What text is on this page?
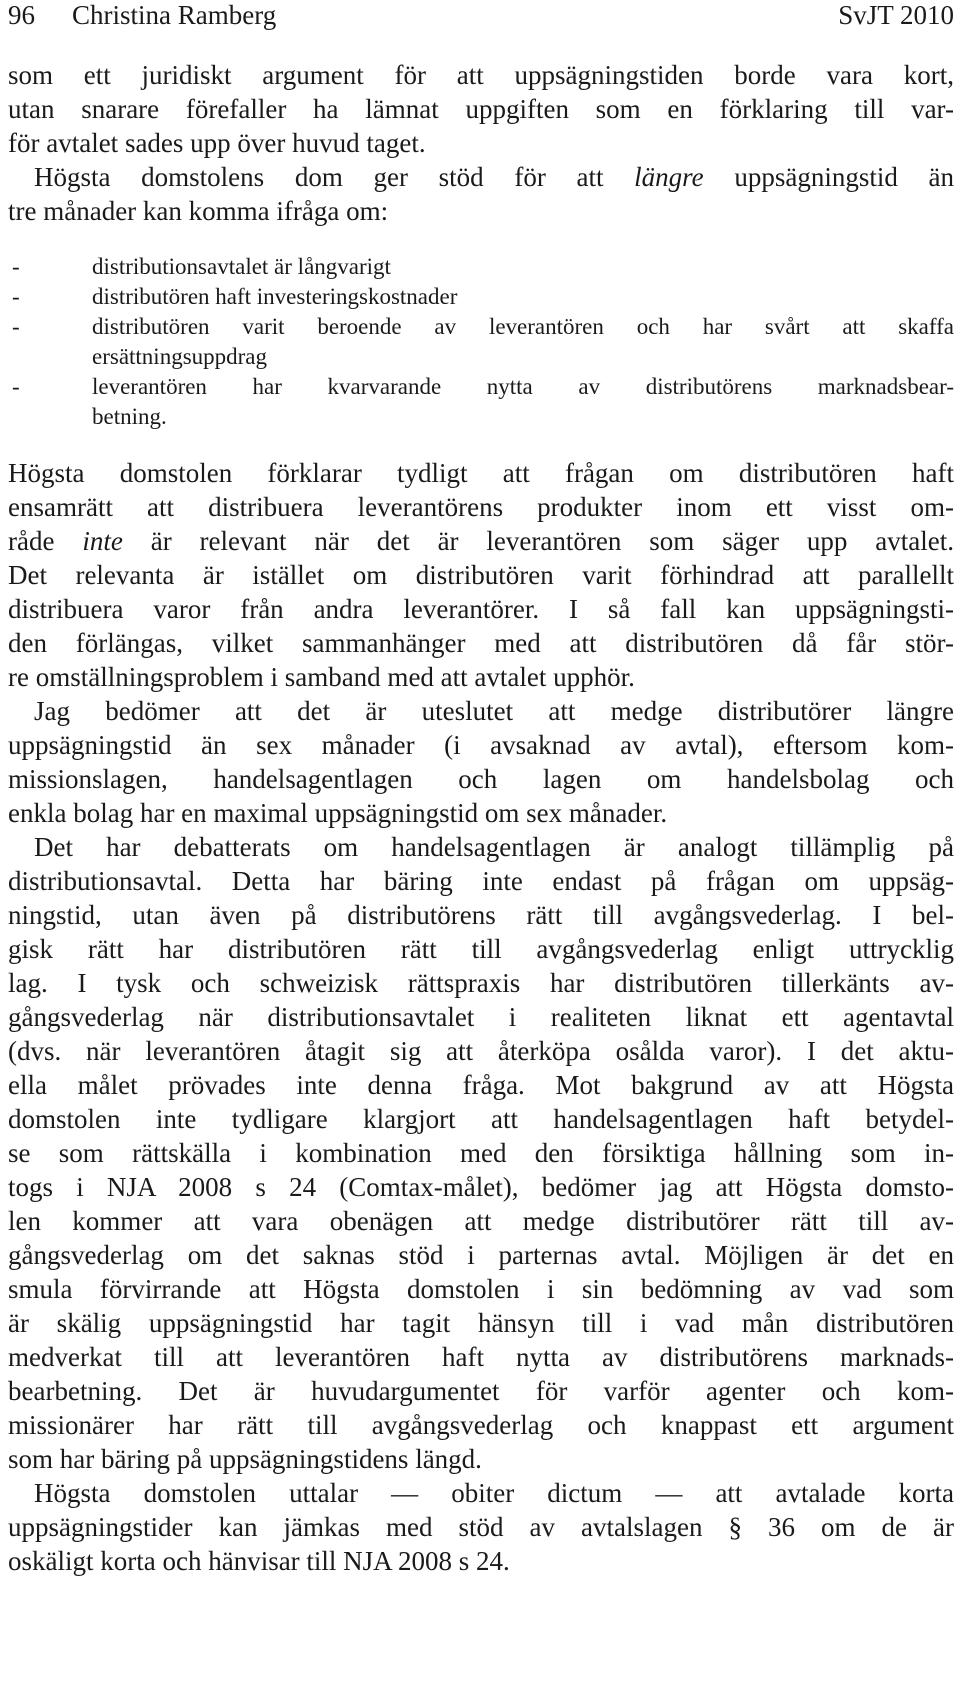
96 Christina Ramberg	SvJT 2010
som ett juridiskt argument för att uppsägningstiden borde vara kort,
utan snarare förefaller ha lämnat uppgiften som en förklaring till var-
för avtalet sades upp över huvud taget.
Högsta domstolens dom ger stöd för att längre uppsägningstid än
tre månader kan komma ifråga om:
-	distributionsavtalet är långvarigt
-	distributören haft investeringskostnader
-	distributören varit beroende av leverantören och har svårt att skaffa
ersättningsuppdrag
-	leverantören har kvarvarande nytta av distributörens marknadsbear-
betning.
Högsta domstolen förklarar tydligt att frågan om distributören haft
ensamrätt att distribuera leverantörens produkter inom ett visst om-
råde inte är relevant när det är leverantören som säger upp avtalet.
Det relevanta är istället om distributören varit förhindrad att parallellt
distribuera varor från andra leverantörer. I så fall kan uppsägningsti-
den förlängas, vilket sammanhänger med att distributören då får stör-
re omställningsproblem i samband med att avtalet upphör.
Jag bedömer att det är uteslutet att medge distributörer längre
uppsägningstid än sex månader (i avsaknad av avtal), eftersom kom-
missionslagen, handelsagentlagen och lagen om handelsbolag och
enkla bolag har en maximal uppsägningstid om sex månader.
Det har debatterats om handelsagentlagen är analogt tillämplig på
distributionsavtal. Detta har bäring inte endast på frågan om uppsäg-
ningstid, utan även på distributörens rätt till avgångsvederlag. I bel-
gisk rätt har distributören rätt till avgångsvederlag enligt uttrycklig
lag. I tysk och schweizisk rättspraxis har distributören tillerkänts av-
gångsvederlag när distributionsavtalet i realiteten liknat ett agentavtal
(dvs. när leverantören åtagit sig att återköpa osålda varor). I det aktu-
ella målet prövades inte denna fråga. Mot bakgrund av att Högsta
domstolen inte tydligare klargjort att handelsagentlagen haft betydel-
se som rättskälla i kombination med den försiktiga hållning som in-
togs i NJA 2008 s 24 (Comtax-målet), bedömer jag att Högsta domsto-
len kommer att vara obenägen att medge distributörer rätt till av-
gångsvederlag om det saknas stöd i parternas avtal. Möjligen är det en
smula förvirrande att Högsta domstolen i sin bedömning av vad som
är skälig uppsägningstid har tagit hänsyn till i vad mån distributören
medverkat till att leverantören haft nytta av distributörens marknads-
bearbetning. Det är huvudargumentet för varför agenter och kom-
missionärer har rätt till avgångsvederlag och knappast ett argument
som har bäring på uppsägningstidens längd.
Högsta domstolen uttalar — obiter dictum — att avtalade korta
uppsägningstider kan jämkas med stöd av avtalslagen § 36 om de är
oskäligt korta och hänvisar till NJA 2008 s 24.
